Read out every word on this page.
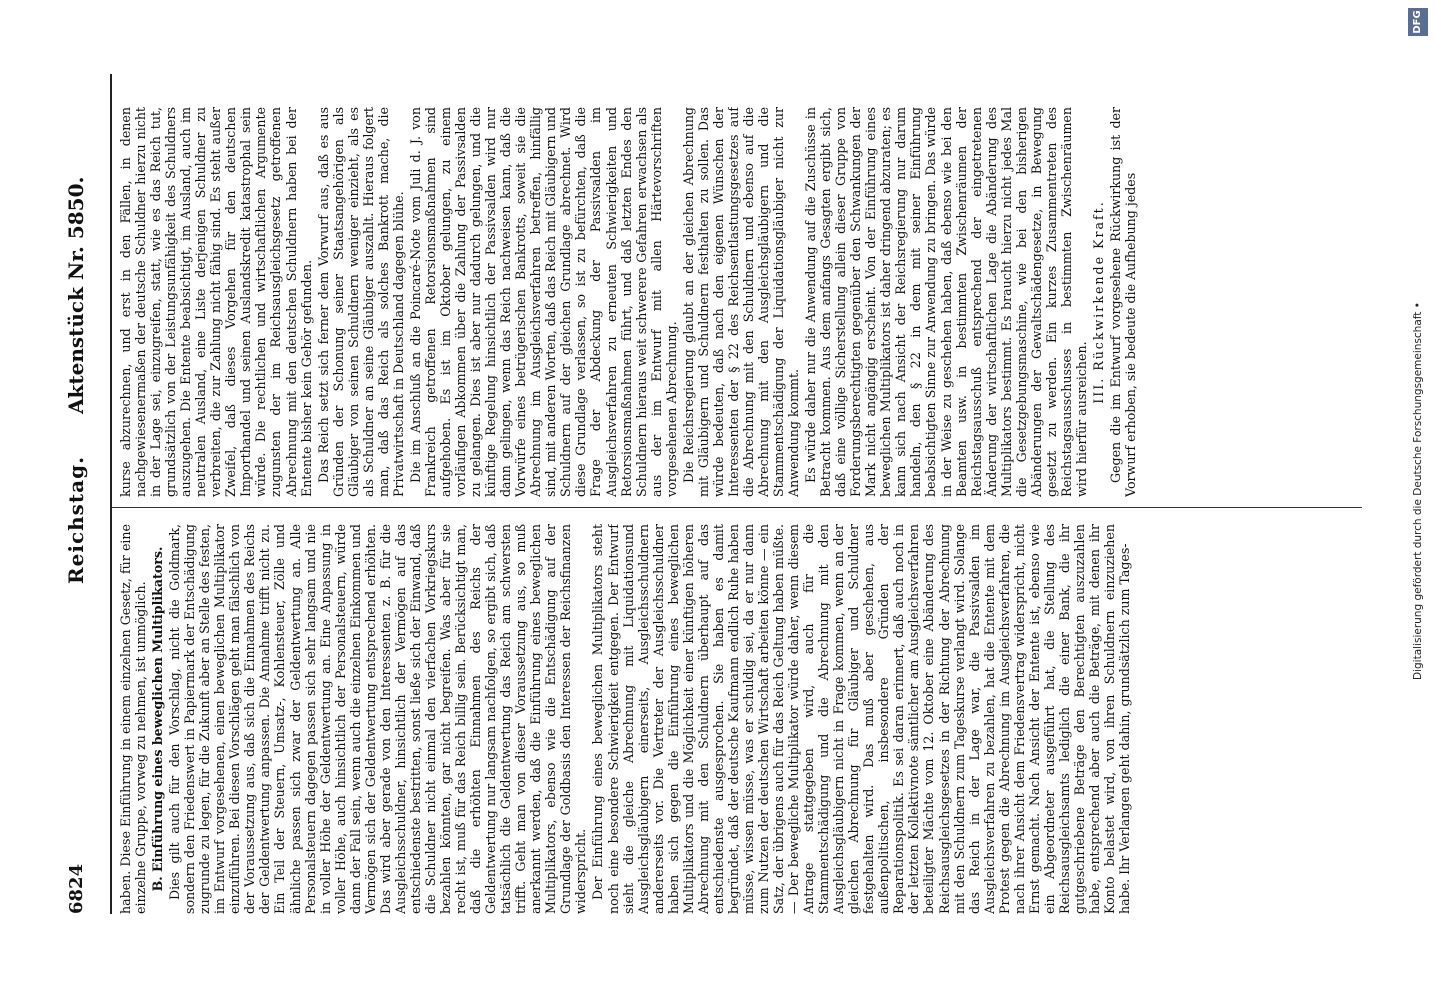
6824
Reichstag.
Aktenstück Nr. 5850.

haben. Diese Einführung in einem einzelnen Gesetz, für eine einzelne Gruppe, vorweg zu nehmen, ist unmöglich. B. Einführung eines beweglichen Multiplikators. Dies gilt auch für den Vorschlag, nicht die Goldmark, sondern den Friedenswert in Papiermark der Entschädigung zugrunde zu legen, für die Zukunft aber an Stelle des festen, im Entwurf vorgesehenen, einen beweglichen Multiplikator einzuführen. Bei diesen Vorschlägen geht man fälschlich von der Voraussetzung aus, daß sich die Einnahmen des Reichs der Geldentwertung anpassen. Die Annahme trifft nicht zu. Ein Teil der Steuern, Umsatz-, Kohlensteuer, Zölle und ähnliche passen sich zwar der Geldentwertung an. Alle Personalsteuern dagegen passen sich sehr langsam und nie in voller Höhe der Geldentwertung an. Eine Anpassung in voller Höhe, auch hinsichtlich der Personalsteuern, würde dann der Fall sein, wenn auch die einzelnen Einkommen und Vermögen sich der Geldentwertung entsprechend erhöhten. Das wird aber gerade von den Interessenten z. B. für die Ausgleichsschuldner, hinsichtlich der Vermögen auf das entschiedenste bestritten, sonst ließe sich der Einwand, daß die Schuldner nicht einmal den vierfachen Vorkriegskurs bezahlen könnten, gar nicht begreifen. Was aber für sie recht ist, muß für das Reich billig sein. Berücksichtigt man, daß die erhöhten Einnahmen des Reichs der Geldentwertung nur langsam nachfolgen, so ergibt sich, daß tatsächlich die Geldentwertung das Reich am schwersten trifft. Geht man von dieser Voraussetzung aus, so muß anerkannt werden, daß die Einführung eines beweglichen Multiplikators, ebenso wie die Entschädigung auf der Grundlage der Goldbasis den Interessen der Reichsfinanzen widerspricht. Der Einführung eines beweglichen Multiplikators steht noch eine besondere Schwierigkeit entgegen. Der Entwurf sieht die gleiche Abrechnung mit Liquidationsund Ausgleichsgläubigern einerseits, Ausgleichsschuldnern andererseits vor. Die Vertreter der Ausgleichsschuldner haben sich gegen die Einführung eines beweglichen Multiplikators und die Möglichkeit einer künftigen höheren Abrechnung mit den Schuldnern überhaupt auf das entschiedenste ausgesprochen. Sie haben es damit begründet, daß der deutsche Kaufmann endlich Ruhe haben müsse, wissen müsse, was er schuldig sei, da er nur dann zum Nutzen der deutschen Wirtschaft arbeiten könne — ein Satz, der übrigens auch für das Reich Geltung haben müßte. — Der bewegliche Multiplikator würde daher, wenn diesem Antrage stattgegeben wird, auch für die Stammentschädigung und die Abrechnung mit den Ausgleichsgläubigern nicht in Frage kommen, wenn an der gleichen Abrechnung für Gläubiger und Schuldner festgehalten wird. Das muß aber geschehen, aus außenpolitischen, insbesondere Gründen der Reparationspolitik. Es sei daran erinnert, daß auch noch in der letzten Kollektivnote sämtlicher am Ausgleichsverfahren beteiligter Mächte vom 12. Oktober eine Abänderung des Reichsausgleichsgesetzes in der Richtung der Abrechnung mit den Schuldnern zum Tageskurse verlangt wird. Solange das Reich in der Lage war, die Passivsalden im Ausgleichsverfahren zu bezahlen, hat die Entente mit dem Protest gegen die Abrechnung im Ausgleichsverfahren, die nach ihrer Ansicht dem Friedensvertrag widerspricht, nicht Ernst gemacht. Nach Ansicht der Entente ist, ebenso wie ein Abgeordneter ausgeführt hat, die Stellung des Reichsausgleichsamts lediglich die einer Bank, die ihr gutgeschriebene Beträge den Berechtigten auszuzahlen habe, entsprechend aber auch die Beträge, mit denen ihr Konto belastet wird, von ihren Schuldnern einzuziehen habe. Ihr Verlangen geht dahin, grundsätzlich zum Tages-

kurse abzurechnen, und erst in den Fällen, in denen nachgewiesenermaßen der deutsche Schuldner hierzu nicht in der Lage sei, einzugreifen, statt, wie es das Reich tut, grundsätzlich von der Leistungsunfähigkeit des Schuldners auszugehen. Die Entente beabsichtigt, im Ausland, auch im neutralen Ausland, eine Liste derjenigen Schuldner zu verbreiten, die zur Zahlung nicht fähig sind. Es steht außer Zweifel, daß dieses Vorgehen für den deutschen Importhandel und seinen Auslandskredit katastrophal sein würde. Die rechtlichen und wirtschaftlichen Argumente zugunsten der im Reichsausgleichsgesetz getroffenen Abrechnung mit den deutschen Schuldnern haben bei der Entente bisher kein Gehör gefunden. Das Reich setzt sich ferner dem Vorwurf aus, daß es aus Gründen der Schonung seiner Staatsangehörigen als Gläubiger von seinen Schuldnern weniger einzieht, als es als Schuldner an seine Gläubiger auszahlt. Hieraus folgert man, daß das Reich als solches Bankrott mache, die Privatwirtschaft in Deutschland dagegen blühe. Die im Anschluß an die Poincaré-Note vom Juli d. J. von Frankreich getroffenen Retorsionsmaßnahmen sind aufgehoben. Es ist im Oktober gelungen, zu einem vorläufigen Abkommen über die Zahlung der Passivsalden zu gelangen. Dies ist aber nur dadurch gelungen, und die künftige Regelung hinsichtlich der Passivsalden wird nur dann gelingen, wenn das Reich nachweisen kann, daß die Vorwürfe eines betrügerischen Bankrotts, soweit sie die Abrechnung im Ausgleichsverfahren betreffen, hinfällig sind, mit anderen Worten, daß das Reich mit Gläubigern und Schuldnern auf der gleichen Grundlage abrechnet. Wird diese Grundlage verlassen, so ist zu befürchten, daß die Frage der Abdeckung der Passivsalden im Ausgleichsverfahren zu erneuten Schwierigkeiten und Retorsionsmaßnahmen führt, und daß letzten Endes den Schuldnern hieraus weit schwerere Gefahren erwachsen als aus der im Entwurf mit allen Härtevorschriften vorgesehenen Abrechnung. Die Reichsregierung glaubt an der gleichen Abrechnung mit Gläubigern und Schuldnern festhalten zu sollen. Das würde bedeuten, daß nach den eigenen Wünschen der Interessenten der § 22 des Reichsentlastungsgesetzes auf die Abrechnung mit den Schuldnern und ebenso auf die Abrechnung mit den Ausgleichsgläubigern und die Stammentschädigung der Liquidationsgläubiger nicht zur Anwendung kommt. Es würde daher nur die Anwendung auf die Zuschüsse in Betracht kommen. Aus dem anfangs Gesagten ergibt sich, daß eine völlige Sicherstellung allein dieser Gruppe von Forderungsberechtigten gegenüber den Schwankungen der Mark nicht angängig erscheint. Von der Einführung eines beweglichen Multiplikators ist daher dringend abzuraten; es kann sich nach Ansicht der Reichsregierung nur darum handeln, den § 22 in dem mit seiner Einführung beabsichtigten Sinne zur Anwendung zu bringen. Das würde in der Weise zu geschehen haben, daß ebenso wie bei den Beamten usw. in bestimmten Zwischenräumen der Reichstagsausschuß entsprechend der eingetretenen Änderung der wirtschaftlichen Lage die Abänderung des Multiplikators bestimmt. Es braucht hierzu nicht jedes Mal die Gesetzgebungsmaschine, wie bei den bisherigen Abänderungen der Gewaltschädengesetze, in Bewegung gesetzt zu werden. Ein kurzes Zusammentreten des Reichstagsausschusses in bestimmten Zwischenräumen wird hierfür ausreichen.

III. Rückwirkende Kraft. Gegen die im Entwurf vorgesehene Rückwirkung ist der Vorwurf erhoben, sie bedeute die Aufhebung jedes

DFG
Digitalisierung gefördert durch die Deutsche Forschungsgemeinschaft •
